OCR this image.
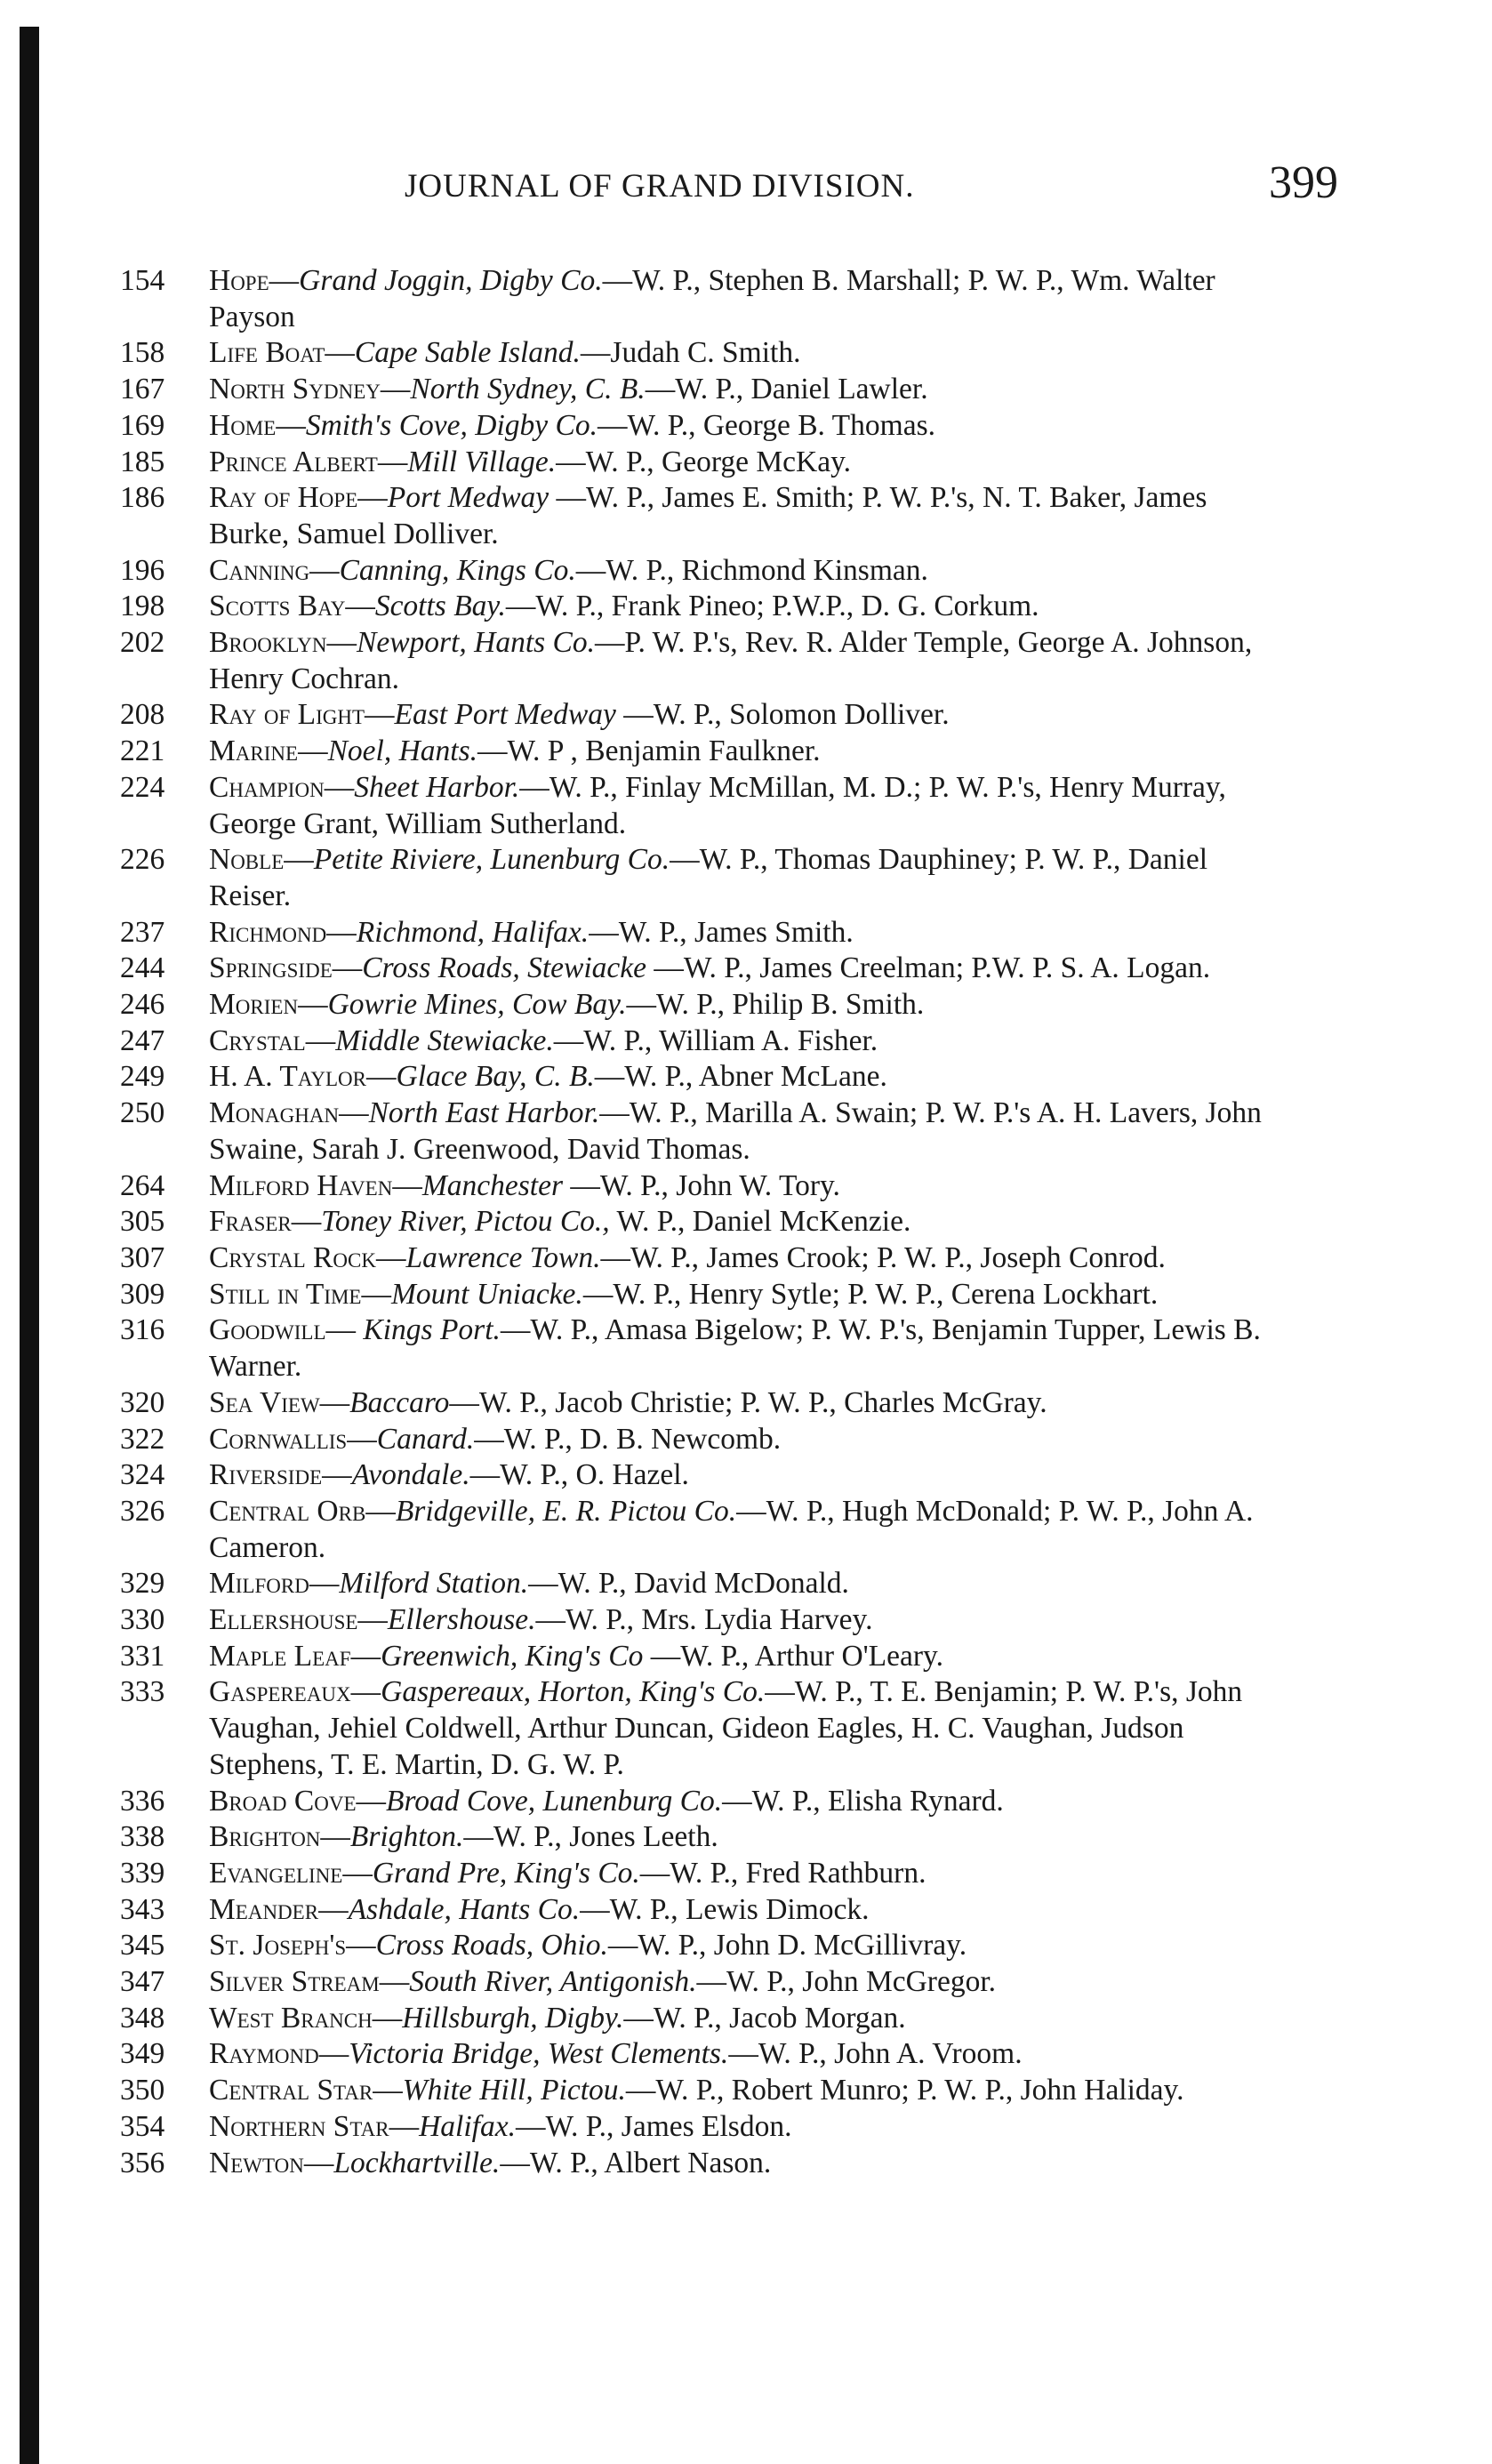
JOURNAL OF GRAND DIVISION.	399
154	Hope—Grand Joggin, Digby Co.—W. P., Stephen B. Marshall; P. W. P., Wm. Walter Payson
158	Life Boat—Cape Sable Island.—Judah C. Smith.
167	North Sydney—North Sydney, C. B.—W. P., Daniel Lawler.
169	Home—Smith's Cove, Digby Co.—W. P., George B. Thomas.
185	Prince Albert—Mill Village.—W. P., George McKay.
186	Ray of Hope—Port Medway —W. P., James E. Smith; P. W. P.'s, N. T. Baker, James Burke, Samuel Dolliver.
196	Canning—Canning, Kings Co.—W. P., Richmond Kinsman.
198	Scotts Bay—Scotts Bay.—W. P., Frank Pineo; P.W.P., D. G. Corkum.
202	Brooklyn—Newport, Hants Co.—P. W. P.'s, Rev. R. Alder Temple, George A. Johnson, Henry Cochran.
208	Ray of Light—East Port Medway —W. P., Solomon Dolliver.
221	Marine—Noel, Hants.—W. P , Benjamin Faulkner.
224	Champion—Sheet Harbor.—W. P., Finlay McMillan, M. D.; P. W. P.'s, Henry Murray, George Grant, William Sutherland.
226	Noble—Petite Riviere, Lunenburg Co.—W. P., Thomas Dauphiney; P. W. P., Daniel Reiser.
237	Richmond—Richmond, Halifax.—W. P., James Smith.
244	Springside—Cross Roads, Stewiacke —W. P., James Creelman; P.W. P. S. A. Logan.
246	Morien—Gowrie Mines, Cow Bay.—W. P., Philip B. Smith.
247	Crystal—Middle Stewiacke.—W. P., William A. Fisher.
249	H. A. Taylor—Glace Bay, C. B.—W. P., Abner McLane.
250	Monaghan—North East Harbor.—W. P., Marilla A. Swain; P. W. P.'s A. H. Lavers, John Swaine, Sarah J. Greenwood, David Thomas.
264	Milford Haven—Manchester —W. P., John W. Tory.
305	Fraser—Toney River, Pictou Co., W. P., Daniel McKenzie.
307	Crystal Rock—Lawrence Town.—W. P., James Crook; P. W. P., Joseph Conrod.
309	Still in Time—Mount Uniacke.—W. P., Henry Sytle; P. W. P., Cerena Lockhart.
316	Goodwill— Kings Port.—W. P., Amasa Bigelow; P. W. P.'s, Benjamin Tupper, Lewis B. Warner.
320	Sea View—Baccaro—W. P., Jacob Christie; P. W. P., Charles McGray.
322	Cornwallis—Canard.—W. P., D. B. Newcomb.
324	Riverside—Avondale.—W. P., O. Hazel.
326	Central Orb—Bridgeville, E. R. Pictou Co.—W. P., Hugh McDonald; P. W. P., John A. Cameron.
329	Milford—Milford Station.—W. P., David McDonald.
330	Ellershouse—Ellershouse.—W. P., Mrs. Lydia Harvey.
331	Maple Leaf—Greenwich, King's Co —W. P., Arthur O'Leary.
333	Gaspereaux—Gaspereaux, Horton, King's Co.—W. P., T. E. Benjamin; P. W. P.'s, John Vaughan, Jehiel Coldwell, Arthur Duncan, Gideon Eagles, H. C. Vaughan, Judson Stephens, T. E. Martin, D. G. W. P.
336	Broad Cove—Broad Cove, Lunenburg Co.—W. P., Elisha Rynard.
338	Brighton—Brighton.—W. P., Jones Leeth.
339	Evangeline—Grand Pre, King's Co.—W. P., Fred Rathburn.
343	Meander—Ashdale, Hants Co.—W. P., Lewis Dimock.
345	St. Joseph's—Cross Roads, Ohio.—W. P., John D. McGillivray.
347	Silver Stream—South River, Antigonish.—W. P., John McGregor.
348	West Branch—Hillsburgh, Digby.—W. P., Jacob Morgan.
349	Raymond—Victoria Bridge, West Clements.—W. P., John A. Vroom.
350	Central Star—White Hill, Pictou.—W. P., Robert Munro; P. W. P., John Haliday.
354	Northern Star—Halifax.—W. P., James Elsdon.
356	Newton—Lockhartville.—W. P., Albert Nason.
